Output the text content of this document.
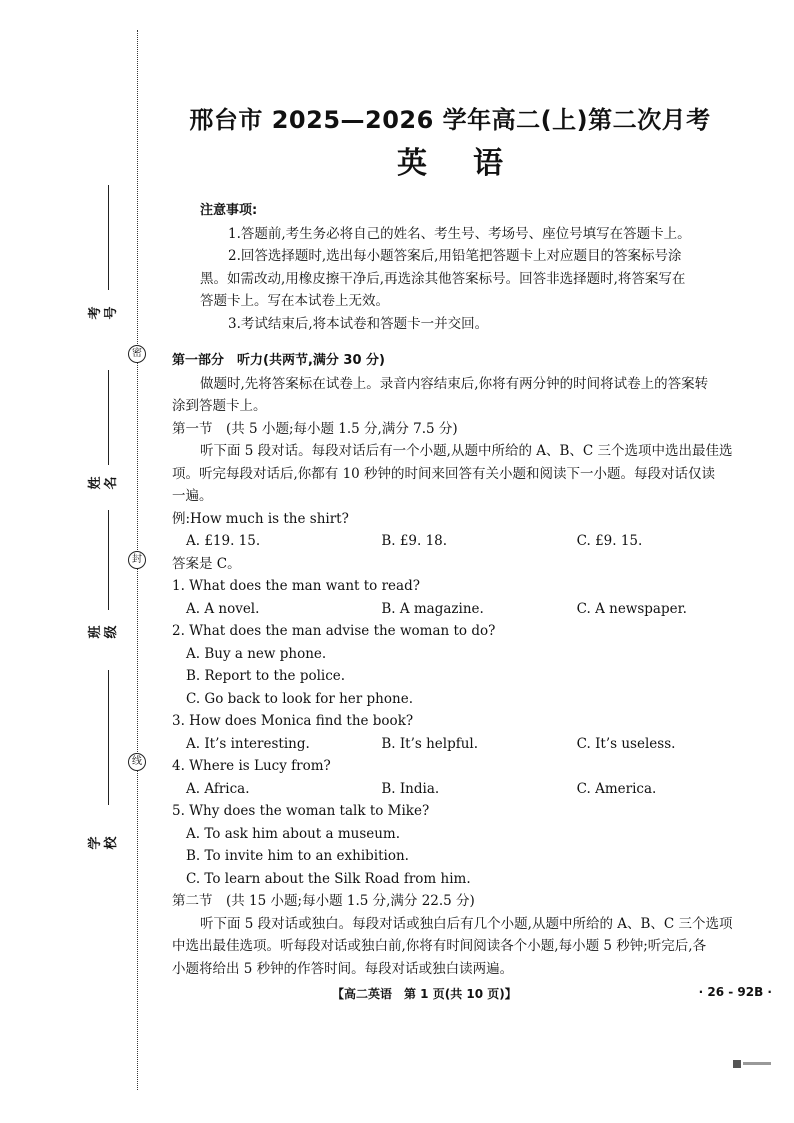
密
封
线
考号
姓名
班级
学校
邢台市 2025—2026 学年高二(上)第二次月考
英语
注意事项:
1.答题前,考生务必将自己的姓名、考生号、考场号、座位号填写在答题卡上。
2.回答选择题时,选出每小题答案后,用铅笔把答题卡上对应题目的答案标号涂
黑。如需改动,用橡皮擦干净后,再选涂其他答案标号。回答非选择题时,将答案写在
答题卡上。写在本试卷上无效。
3.考试结束后,将本试卷和答题卡一并交回。
第一部分　听力(共两节,满分 30 分)
做题时,先将答案标在试卷上。录音内容结束后,你将有两分钟的时间将试卷上的答案转
涂到答题卡上。
第一节　(共 5 小题;每小题 1.5 分,满分 7.5 分)
听下面 5 段对话。每段对话后有一个小题,从题中所给的 A、B、C 三个选项中选出最佳选
项。听完每段对话后,你都有 10 秒钟的时间来回答有关小题和阅读下一小题。每段对话仅读
一遍。
例:How much is the shirt?
A. £19. 15.	B. £9. 18.	C. £9. 15.
答案是 C。
1. What does the man want to read?
A. A novel.	B. A magazine.	C. A newspaper.
2. What does the man advise the woman to do?
A. Buy a new phone.
B. Report to the police.
C. Go back to look for her phone.
3. How does Monica find the book?
A. It’s interesting.	B. It’s helpful.	C. It’s useless.
4. Where is Lucy from?
A. Africa.	B. India.	C. America.
5. Why does the woman talk to Mike?
A. To ask him about a museum.
B. To invite him to an exhibition.
C. To learn about the Silk Road from him.
第二节　(共 15 小题;每小题 1.5 分,满分 22.5 分)
听下面 5 段对话或独白。每段对话或独白后有几个小题,从题中所给的 A、B、C 三个选项
中选出最佳选项。听每段对话或独白前,你将有时间阅读各个小题,每小题 5 秒钟;听完后,各
小题将给出 5 秒钟的作答时间。每段对话或独白读两遍。
【高二英语　第 1 页(共 10 页)】	· 26 - 92B ·
